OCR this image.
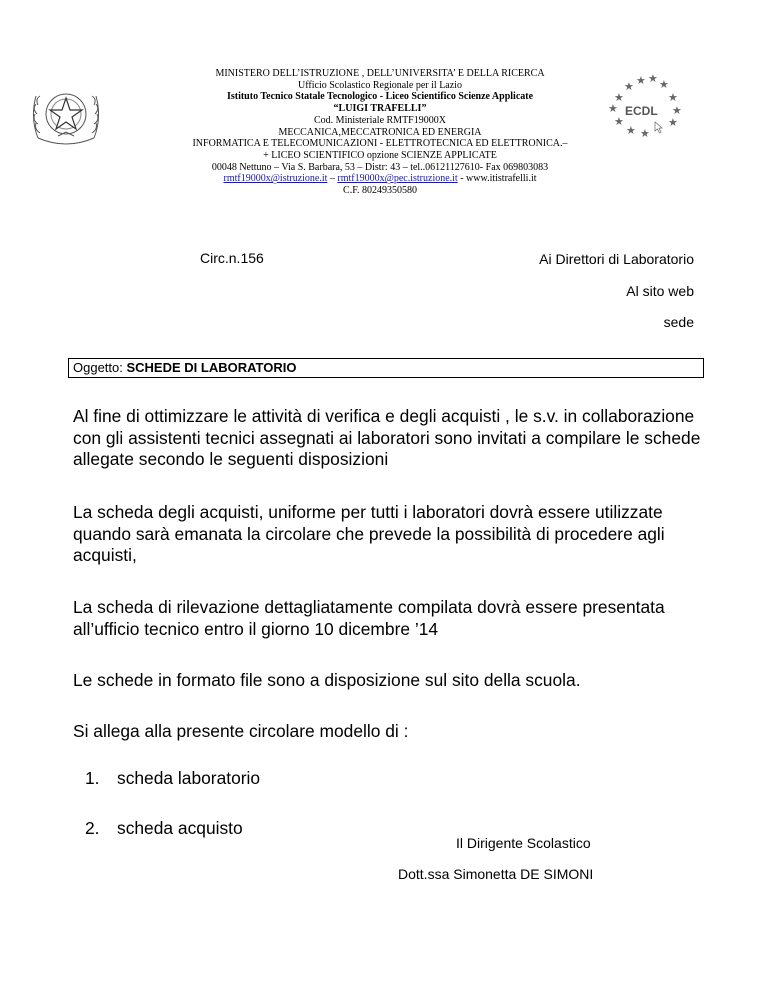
MINISTERO DELL’ISTRUZIONE , DELL’UNIVERSITA’ E DELLA RICERCA
Ufficio Scolastico Regionale per il Lazio
Istituto Tecnico Statale Tecnologico - Liceo Scientifico Scienze Applicate
“LUIGI TRAFELLI”
Cod. Ministeriale RMTF19000X
MECCANICA,MECCATRONICA ED ENERGIA
INFORMATICA E TELECOMUNICAZIONI - ELETTROTECNICA ED ELETTRONICA.–
+ LICEO SCIENTIFICO opzione SCIENZE APPLICATE
00048 Nettuno – Via S. Barbara, 53 – Distr: 43 – tel..06121127610- Fax 069803083
rmtf19000x@istruzione.it – rmtf19000x@pec.istruzione.it - www.itistrafelli.it
C.F. 80249350580
★ ★ ★
★
★	★
★	★
★	★
★ ★
ECDL
Circ.n.156	Ai Direttori di Laboratorio
Al sito web
sede
Oggetto: SCHEDE DI LABORATORIO

Al fine di ottimizzare le attività di verifica e degli acquisti , le s.v. in collaborazione con gli assistenti tecnici assegnati ai laboratori sono invitati a compilare le schede allegate secondo le seguenti disposizioni

La scheda degli acquisti, uniforme per tutti i laboratori dovrà essere utilizzate quando sarà emanata la circolare che prevede la possibilità di procedere agli acquisti,

La scheda di rilevazione dettagliatamente compilata dovrà essere presentata all’ufficio tecnico entro il giorno 10 dicembre ’14

Le schede in formato file sono a disposizione sul sito della scuola.

Si allega alla presente circolare modello di :

1. scheda laboratorio
2. scheda acquisto
Il Dirigente Scolastico
Dott.ssa Simonetta DE SIMONI
